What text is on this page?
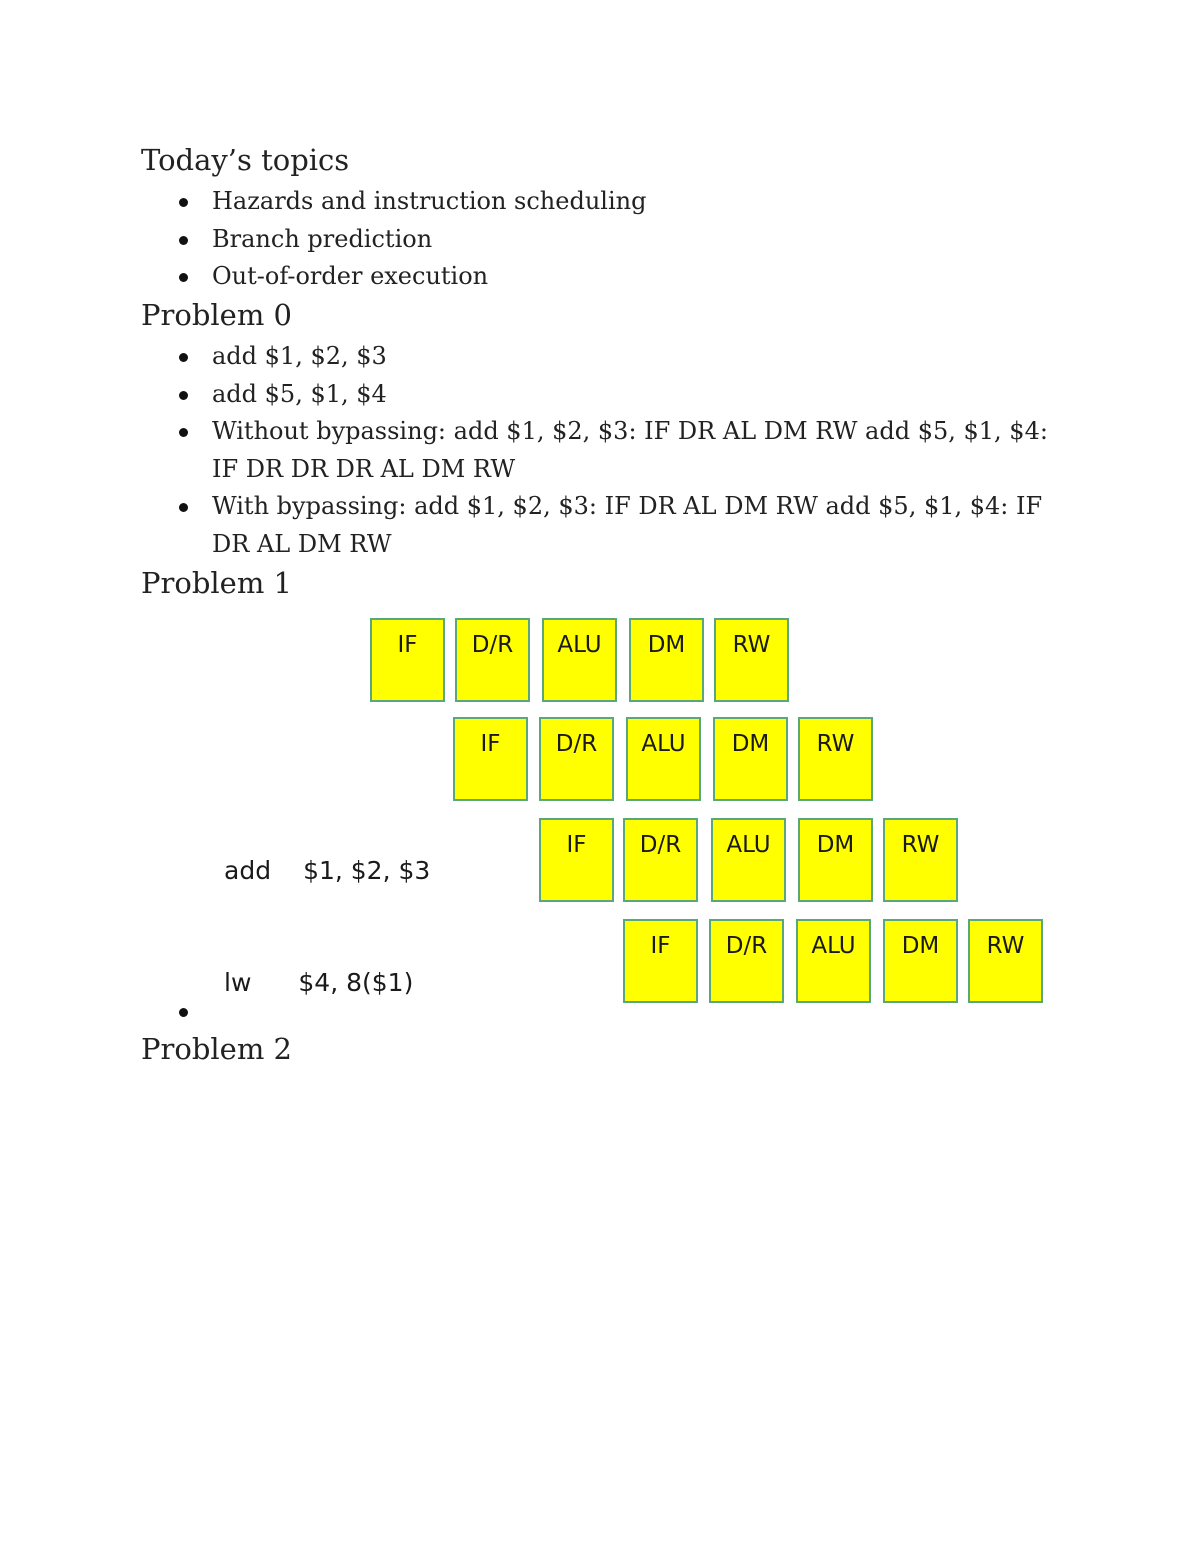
Today’s topics
Hazards and instruction scheduling
Branch prediction
Out-of-order execution
Problem 0
add $1, $2, $3
add $5, $1, $4
Without bypassing: add $1, $2, $3: IF DR AL DM RW add $5, $1, $4: IF DR DR DR AL DM RW
With bypassing: add $1, $2, $3: IF DR AL DM RW add $5, $1, $4: IF DR AL DM RW
Problem 1
IF	D/R	ALU	DM	RW
IF	D/R	ALU	DM	RW
IF	D/R	ALU	DM	RW
IF	D/R	ALU	DM	RW
add $1, $2, $3
lw $4, 8($1)
Problem 2
